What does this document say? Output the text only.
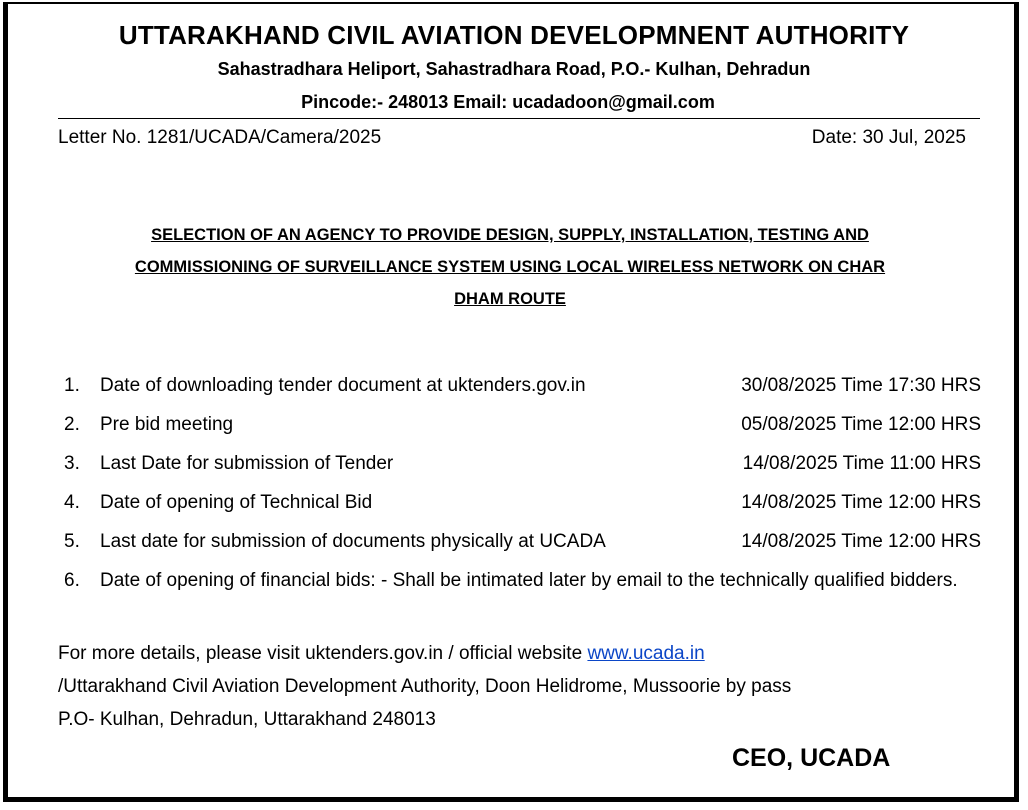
UTTARAKHAND CIVIL AVIATION DEVELOPMNENT AUTHORITY
Sahastradhara Heliport, Sahastradhara Road, P.O.- Kulhan, Dehradun
Pincode:- 248013 Email: ucadadoon@gmail.com
Letter No. 1281/UCADA/Camera/2025	Date: 30 Jul, 2025
SELECTION OF AN AGENCY TO PROVIDE DESIGN, SUPPLY, INSTALLATION, TESTING AND
COMMISSIONING OF SURVEILLANCE SYSTEM USING LOCAL WIRELESS NETWORK ON CHAR
DHAM ROUTE
1. Date of downloading tender document at uktenders.gov.in	30/08/2025 Time 17:30 HRS
2. Pre bid meeting	05/08/2025 Time 12:00 HRS
3. Last Date for submission of Tender	14/08/2025 Time 11:00 HRS
4. Date of opening of Technical Bid	14/08/2025 Time 12:00 HRS
5. Last date for submission of documents physically at UCADA	14/08/2025 Time 12:00 HRS
6. Date of opening of financial bids: - Shall be intimated later by email to the technically qualified bidders.
For more details, please visit uktenders.gov.in / official website www.ucada.in
/Uttarakhand Civil Aviation Development Authority, Doon Helidrome, Mussoorie by pass
P.O- Kulhan, Dehradun, Uttarakhand 248013
CEO, UCADA
